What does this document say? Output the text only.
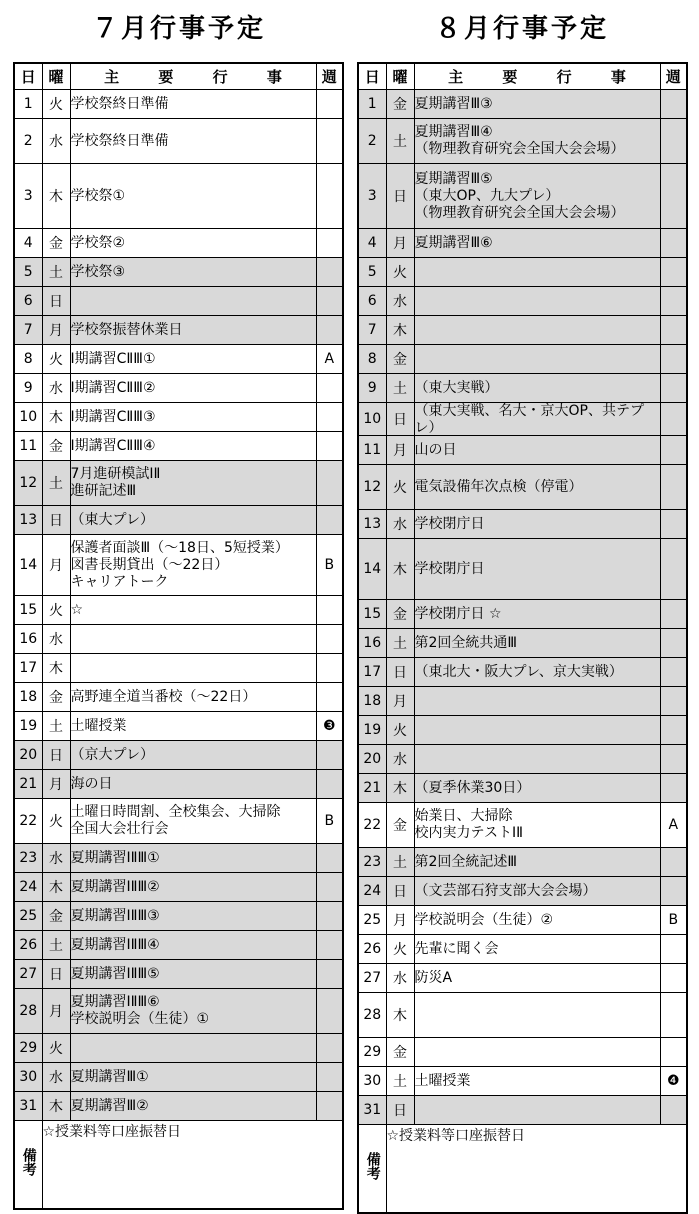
７月行事予定	８月行事予定
日	曜	主 要 行 事	週
1	火	学校祭終日準備	

2	水	学校祭終日準備	

3	木	学校祭①	

4	金	学校祭②	

5	土	学校祭③	

6	日		
7	月	学校祭振替休業日	

8	火	Ⅰ期講習CⅡⅢ①	A
9	水	Ⅰ期講習CⅡⅢ②	

10	木	Ⅰ期講習CⅡⅢ③	

11	金	Ⅰ期講習CⅡⅢ④	

12	土	7月進研模試ⅠⅡ
進研記述Ⅲ	

13	日	（東大プレ）	

14	月	保護者面談Ⅲ（～18日、5短授業）
図書長期貸出（～22日）
キャリアトーク	B
15	火	☆	

16	水		
17	木		
18	金	高野連全道当番校（～22日）	

19	土	土曜授業	❸
20	日	（京大プレ）	

21	月	海の日	

22	火	土曜日時間割、全校集会、大掃除
全国大会壮行会	B
23	水	夏期講習ⅠⅡⅢ①	

24	木	夏期講習ⅠⅡⅢ②	

25	金	夏期講習ⅠⅡⅢ③	

26	土	夏期講習ⅠⅡⅢ④	

27	日	夏期講習ⅠⅡⅢ⑤	

28	月	夏期講習ⅠⅡⅢ⑥
学校説明会（生徒）①	

29	火		
30	水	夏期講習Ⅲ①	

31	木	夏期講習Ⅲ②	

備考	☆授業料等口座振替日		
日	曜	主 要 行 事	週
1	金	夏期講習Ⅲ③	

2	土	夏期講習Ⅲ④
（物理教育研究会全国大会会場）	

3	日	夏期講習Ⅲ⑤
（東大OP、九大プレ）
（物理教育研究会全国大会会場）	

4	月	夏期講習Ⅲ⑥	

5	火		
6	水		
7	木		
8	金		
9	土	（東大実戦）	

10	日	（東大実戦、名大・京大OP、共テプレ）	

11	月	山の日	

12	火	電気設備年次点検（停電）	

13	水	学校閉庁日	

14	木	学校閉庁日	

15	金	学校閉庁日 ☆	

16	土	第2回全統共通Ⅲ	

17	日	（東北大・阪大プレ、京大実戦）	

18	月		
19	火		
20	水		
21	木	（夏季休業30日）	

22	金	始業日、大掃除
校内実力テストⅠⅡ	A
23	土	第2回全統記述Ⅲ	

24	日	（文芸部石狩支部大会会場）	

25	月	学校説明会（生徒）②	B
26	火	先輩に聞く会	

27	水	防災A	

28	木		
29	金		
30	土	土曜授業	❹
31	日		
備考	☆授業料等口座振替日		
